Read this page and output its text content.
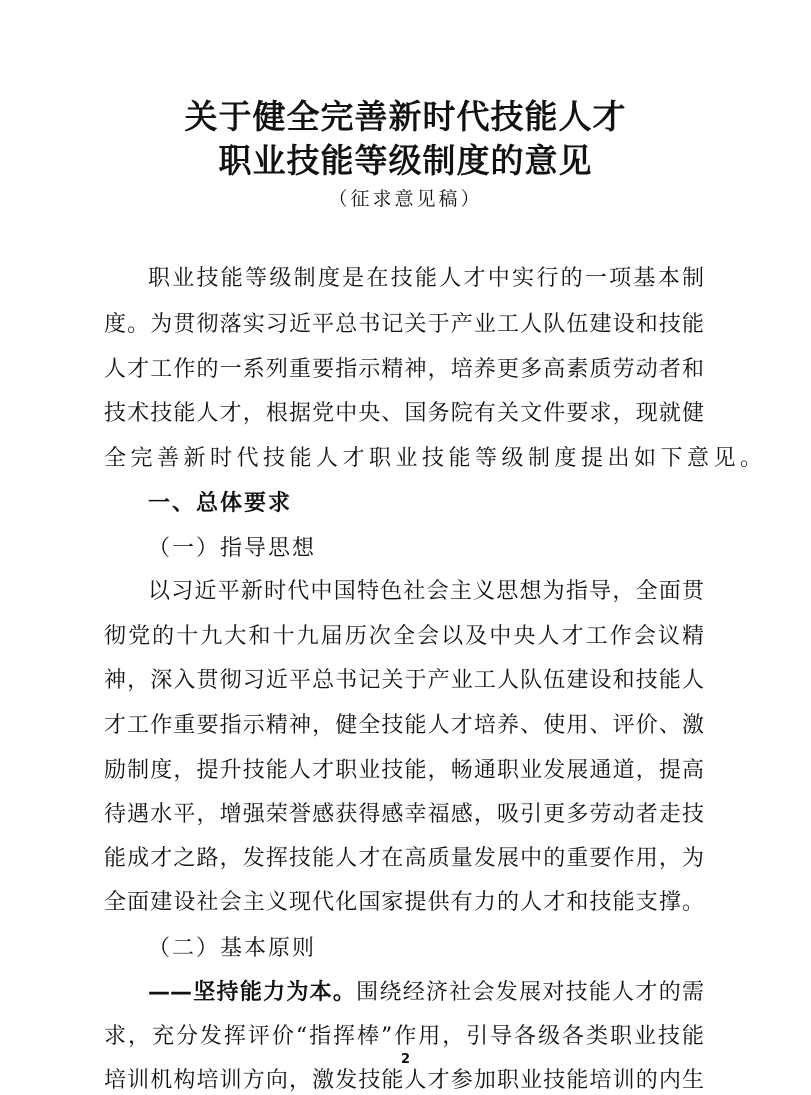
关于健全完善新时代技能人才
职业技能等级制度的意见
（征求意见稿）
职业技能等级制度是在技能人才中实行的一项基本制
度。为贯彻落实习近平总书记关于产业工人队伍建设和技能
人才工作的一系列重要指示精神，培养更多高素质劳动者和
技术技能人才，根据党中央、国务院有关文件要求，现就健
全完善新时代技能人才职业技能等级制度提出如下意见。
一、总体要求
（一）指导思想
以习近平新时代中国特色社会主义思想为指导，全面贯
彻党的十九大和十九届历次全会以及中央人才工作会议精
神，深入贯彻习近平总书记关于产业工人队伍建设和技能人
才工作重要指示精神，健全技能人才培养、使用、评价、激
励制度，提升技能人才职业技能，畅通职业发展通道，提高
待遇水平，增强荣誉感获得感幸福感，吸引更多劳动者走技
能成才之路，发挥技能人才在高质量发展中的重要作用，为
全面建设社会主义现代化国家提供有力的人才和技能支撑。
（二）基本原则
——坚持能力为本。围绕经济社会发展对技能人才的需
求，充分发挥评价“指挥棒”作用，引导各级各类职业技能
培训机构培训方向，激发技能人才参加职业技能培训的内生
2
